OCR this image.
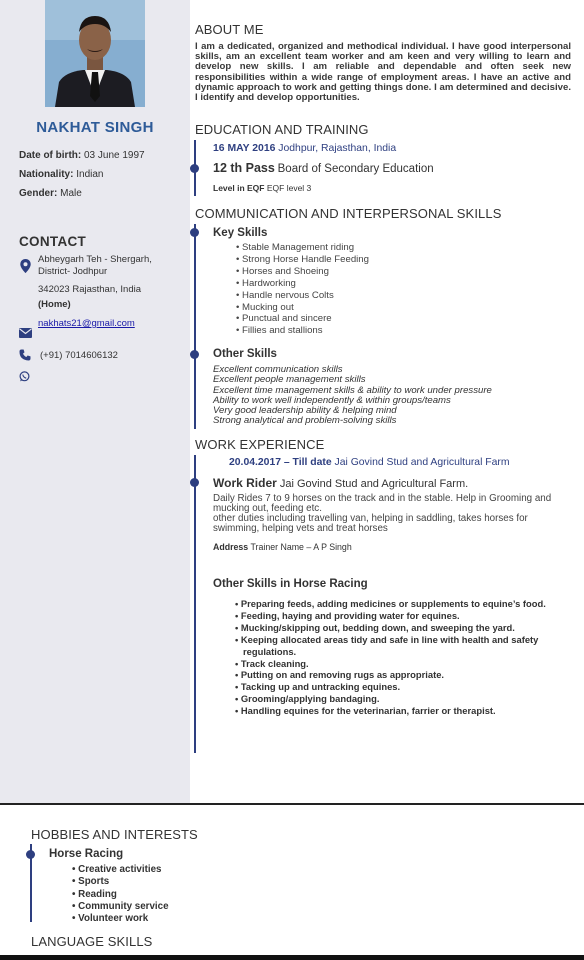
NAKHAT SINGH
Date of birth: 03 June 1997
Nationality: Indian
Gender: Male
CONTACT
Abheygarh Teh - Shergarh,
District- Jodhpur
342023 Rajasthan, India
(Home)
nakhats21@gmail.com
(+91) 7014606132
ABOUT ME
I am a dedicated, organized and methodical individual. I have good interpersonal skills, am an excellent team worker and am keen and very willing to learn and develop new skills. I am reliable and dependable and often seek new responsibilities within a wide range of employment areas. I have an active and dynamic approach to work and getting things done. I am determined and decisive. I identify and develop opportunities.
EDUCATION AND TRAINING
16 MAY 2016 Jodhpur, Rajasthan, India
12 th Pass Board of Secondary Education
Level in EQF EQF level 3
COMMUNICATION AND INTERPERSONAL SKILLS
Key Skills
• Stable Management riding
• Strong Horse Handle Feeding
• Horses and Shoeing
• Hardworking
• Handle nervous Colts
• Mucking out
• Punctual and sincere
• Fillies and stallions
Other Skills
Excellent communication skills
Excellent people management skills
Excellent time management skills & ability to work under pressure
Ability to work well independently & within groups/teams
Very good leadership ability & helping mind
Strong analytical and problem-solving skills
WORK EXPERIENCE
20.04.2017 – Till date Jai Govind Stud and Agricultural Farm
Work Rider Jai Govind Stud and Agricultural Farm.
Daily Rides 7 to 9 horses on the track and in the stable. Help in Grooming and mucking out, feeding etc.
other duties including travelling van, helping in saddling, takes horses for swimming, helping vets and treat horses
Address Trainer Name – A P Singh
Other Skills in Horse Racing
• Preparing feeds, adding medicines or supplements to equine’s food.
• Feeding, haying and providing water for equines.
• Mucking/skipping out, bedding down, and sweeping the yard.
• Keeping allocated areas tidy and safe in line with health and safety regulations.
• Track cleaning.
• Putting on and removing rugs as appropriate.
• Tacking up and untracking equines.
• Grooming/applying bandaging.
• Handling equines for the veterinarian, farrier or therapist.
HOBBIES AND INTERESTS
Horse Racing
• Creative activities
• Sports
• Reading
• Community service
• Volunteer work
LANGUAGE SKILLS
